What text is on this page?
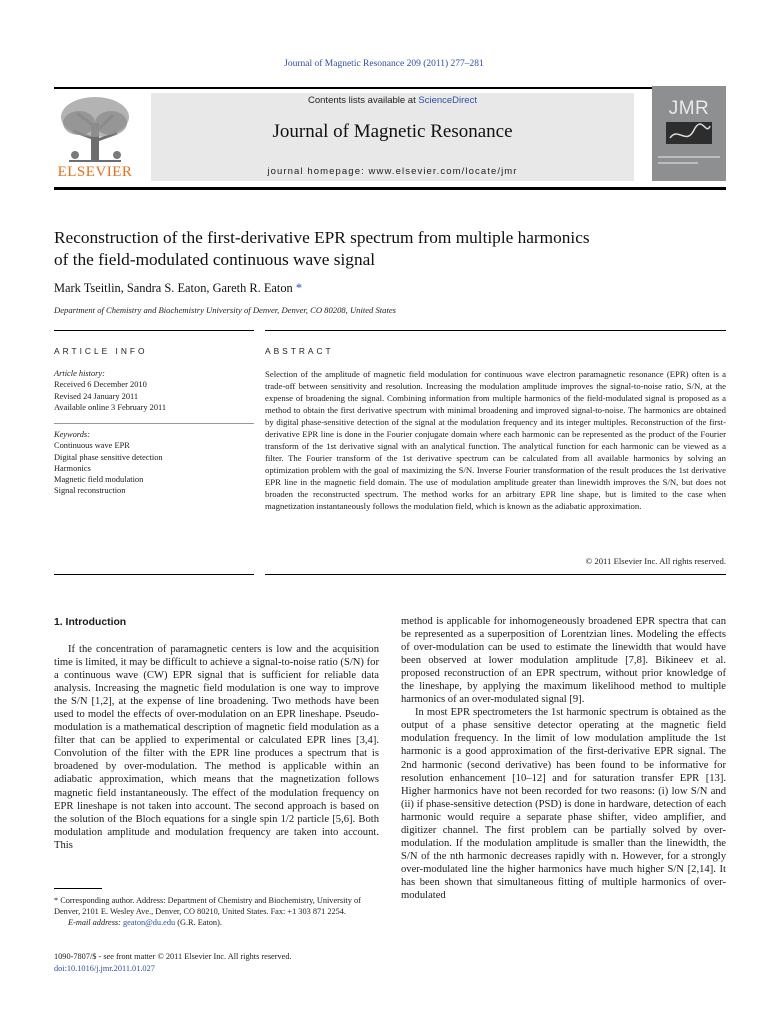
Journal of Magnetic Resonance 209 (2011) 277–281
ELSEVIER
Contents lists available at ScienceDirect
Journal of Magnetic Resonance
journal homepage: www.elsevier.com/locate/jmr
JMR
Reconstruction of the first-derivative EPR spectrum from multiple harmonics
of the field-modulated continuous wave signal
Mark Tseitlin, Sandra S. Eaton, Gareth R. Eaton *
Department of Chemistry and Biochemistry University of Denver, Denver, CO 80208, United States
ARTICLE INFO	ABSTRACT
Article history:
Received 6 December 2010
Revised 24 January 2011
Available online 3 February 2011
Keywords:
Continuous wave EPR
Digital phase sensitive detection
Harmonics
Magnetic field modulation
Signal reconstruction
Selection of the amplitude of magnetic field modulation for continuous wave electron paramagnetic resonance (EPR) often is a trade-off between sensitivity and resolution. Increasing the modulation amplitude improves the signal-to-noise ratio, S/N, at the expense of broadening the signal. Combining information from multiple harmonics of the field-modulated signal is proposed as a method to obtain the first derivative spectrum with minimal broadening and improved signal-to-noise. The harmonics are obtained by digital phase-sensitive detection of the signal at the modulation frequency and its integer multiples. Reconstruction of the first-derivative EPR line is done in the Fourier conjugate domain where each harmonic can be represented as the product of the Fourier transform of the 1st derivative signal with an analytical function. The analytical function for each harmonic can be viewed as a filter. The Fourier transform of the 1st derivative spectrum can be calculated from all available harmonics by solving an optimization problem with the goal of maximizing the S/N. Inverse Fourier transformation of the result produces the 1st derivative EPR line in the magnetic field domain. The use of modulation amplitude greater than linewidth improves the S/N, but does not broaden the reconstructed spectrum. The method works for an arbitrary EPR line shape, but is limited to the case when magnetization instantaneously follows the modulation field, which is known as the adiabatic approximation.
© 2011 Elsevier Inc. All rights reserved.
1. Introduction

If the concentration of paramagnetic centers is low and the acquisition time is limited, it may be difficult to achieve a signal-to-noise ratio (S/N) for a continuous wave (CW) EPR signal that is sufficient for reliable data analysis. Increasing the magnetic field modulation is one way to improve the S/N [1,2], at the expense of line broadening. Two methods have been used to model the effects of over-modulation on an EPR lineshape. Pseudo-modulation is a mathematical description of magnetic field modulation as a filter that can be applied to experimental or calculated EPR lines [3,4]. Convolution of the filter with the EPR line produces a spectrum that is broadened by over-modulation. The method is applicable within an adiabatic approximation, which means that the magnetization follows magnetic field instantaneously. The effect of the modulation frequency on EPR lineshape is not taken into account. The second approach is based on the solution of the Bloch equations for a single spin 1/2 particle [5,6]. Both modulation amplitude and modulation frequency are taken into account. This

method is applicable for inhomogeneously broadened EPR spectra that can be represented as a superposition of Lorentzian lines. Modeling the effects of over-modulation can be used to estimate the linewidth that would have been observed at lower modulation amplitude [7,8]. Bikineev et al. proposed reconstruction of an EPR spectrum, without prior knowledge of the lineshape, by applying the maximum likelihood method to multiple harmonics of an over-modulated signal [9].

In most EPR spectrometers the 1st harmonic spectrum is obtained as the output of a phase sensitive detector operating at the magnetic field modulation frequency. In the limit of low modulation amplitude the 1st harmonic is a good approximation of the first-derivative EPR signal. The 2nd harmonic (second derivative) has been found to be informative for resolution enhancement [10–12] and for saturation transfer EPR [13]. Higher harmonics have not been recorded for two reasons: (i) low S/N and (ii) if phase-sensitive detection (PSD) is done in hardware, detection of each harmonic would require a separate phase shifter, video amplifier, and digitizer channel. The first problem can be partially solved by over-modulation. If the modulation amplitude is smaller than the linewidth, the S/N of the nth harmonic decreases rapidly with n. However, for a strongly over-modulated line the higher harmonics have much higher S/N [2,14]. It has been shown that simultaneous fitting of multiple harmonics of over-modulated

* Corresponding author. Address: Department of Chemistry and Biochemistry, University of Denver, 2101 E. Wesley Ave., Denver, CO 80210, United States. Fax: +1 303 871 2254.
E-mail address: geaton@du.edu (G.R. Eaton).
1090-7807/$ - see front matter © 2011 Elsevier Inc. All rights reserved.
doi:10.1016/j.jmr.2011.01.027
